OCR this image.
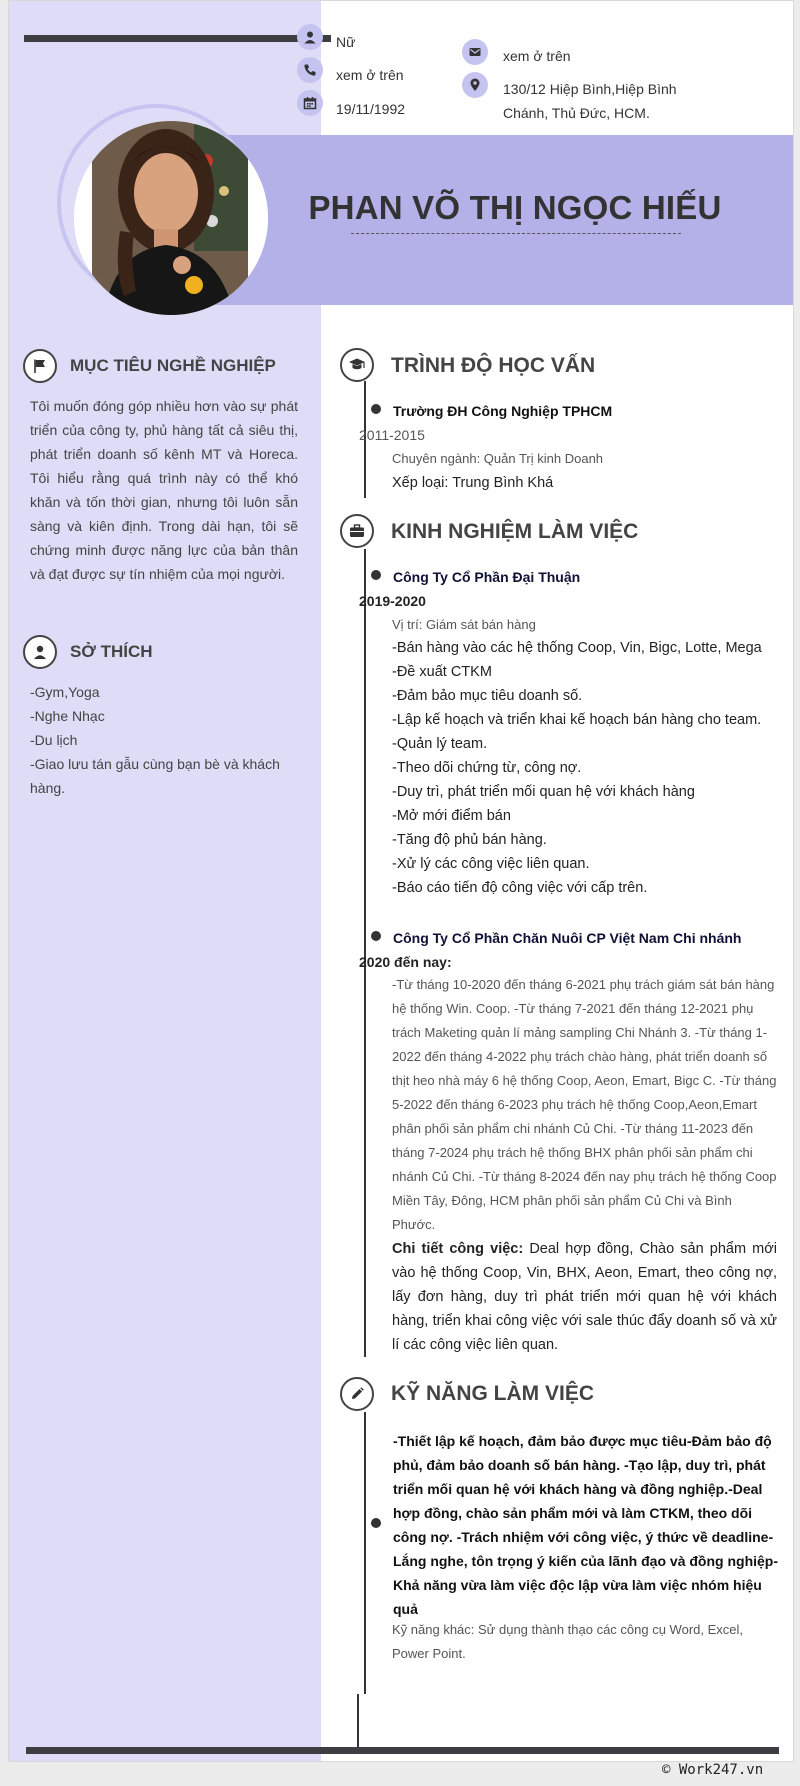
Nữ
xem ở trên
19/11/1992
xem ở trên
130/12 Hiệp Bình,Hiệp Bình
Chánh, Thủ Đức, HCM.
PHAN VÕ THỊ NGỌC HIẾU
MỤC TIÊU NGHỀ NGHIỆP
Tôi muốn đóng góp nhiều hơn vào sự phát triển của công ty, phủ hàng tất cả siêu thị, phát triển doanh số kênh MT và Horeca. Tôi hiểu rằng quá trình này có thể khó khăn và tốn thời gian, nhưng tôi luôn sẵn sàng và kiên định. Trong dài hạn, tôi sẽ chứng minh được năng lực của bản thân và đạt được sự tín nhiệm của mọi người.
SỞ THÍCH
-Gym,Yoga
-Nghe Nhạc
-Du lịch
-Giao lưu tán gẫu cùng bạn bè và khách hàng.
TRÌNH ĐỘ HỌC VẤN
Trường ĐH Công Nghiệp TPHCM
2011-2015
Chuyên ngành: Quản Trị kinh Doanh
Xếp loại: Trung Bình Khá
KINH NGHIỆM LÀM VIỆC
Công Ty Cổ Phần Đại Thuận
2019-2020
Vị trí: Giám sát bán hàng
-Bán hàng vào các hệ thống Coop, Vin, Bigc, Lotte, Mega
-Đề xuất CTKM
-Đảm bảo mục tiêu doanh số.
-Lập kế hoạch và triển khai kế hoạch bán hàng cho team.
-Quản lý team.
-Theo dõi chứng từ, công nợ.
-Duy trì, phát triển mối quan hệ với khách hàng
-Mở mới điểm bán
-Tăng độ phủ bán hàng.
-Xử lý các công việc liên quan.
-Báo cáo tiến độ công việc với cấp trên.
Công Ty Cổ Phần Chăn Nuôi CP Việt Nam Chi nhánh
2020 đến nay:
-Từ tháng 10-2020 đến tháng 6-2021 phụ trách giám sát bán hàng hệ thống Win. Coop. -Từ tháng 7-2021 đến tháng 12-2021 phụ trách Maketing quản lí mảng sampling Chi Nhánh 3. -Từ tháng 1-2022 đến tháng 4-2022 phụ trách chào hàng, phát triển doanh số thịt heo nhà máy 6 hệ thống Coop, Aeon, Emart, Bigc C. -Từ tháng 5-2022 đến tháng 6-2023 phụ trách hệ thống Coop,Aeon,Emart phân phối sản phẩm chi nhánh Củ Chi. -Từ tháng 11-2023 đến tháng 7-2024 phụ trách hệ thống BHX phân phối sản phẩm chi nhánh Củ Chi. -Từ tháng 8-2024 đến nay phụ trách hệ thống Coop Miền Tây, Đông, HCM phân phối sản phẩm Củ Chi và Bình Phước.
Chi tiết công việc: Deal hợp đồng, Chào sản phẩm mới vào hệ thống Coop, Vin, BHX, Aeon, Emart, theo công nợ, lấy đơn hàng, duy trì phát triển mới quan hệ với khách hàng, triển khai công việc với sale thúc đẩy doanh số và xử lí các công việc liên quan.
KỸ NĂNG LÀM VIỆC
-Thiết lập kế hoạch, đảm bảo được mục tiêu-Đảm bảo độ phủ, đảm bảo doanh số bán hàng. -Tạo lập, duy trì, phát triển mối quan hệ với khách hàng và đồng nghiệp.-Deal hợp đồng, chào sản phẩm mới và làm CTKM, theo dõi công nợ. -Trách nhiệm với công việc, ý thức về deadline-Lắng nghe, tôn trọng ý kiến của lãnh đạo và đồng nghiệp-Khả năng vừa làm việc độc lập vừa làm việc nhóm hiệu quả
Kỹ năng khác: Sử dụng thành thạo các công cụ Word, Excel, Power Point.
© Work247.vn
